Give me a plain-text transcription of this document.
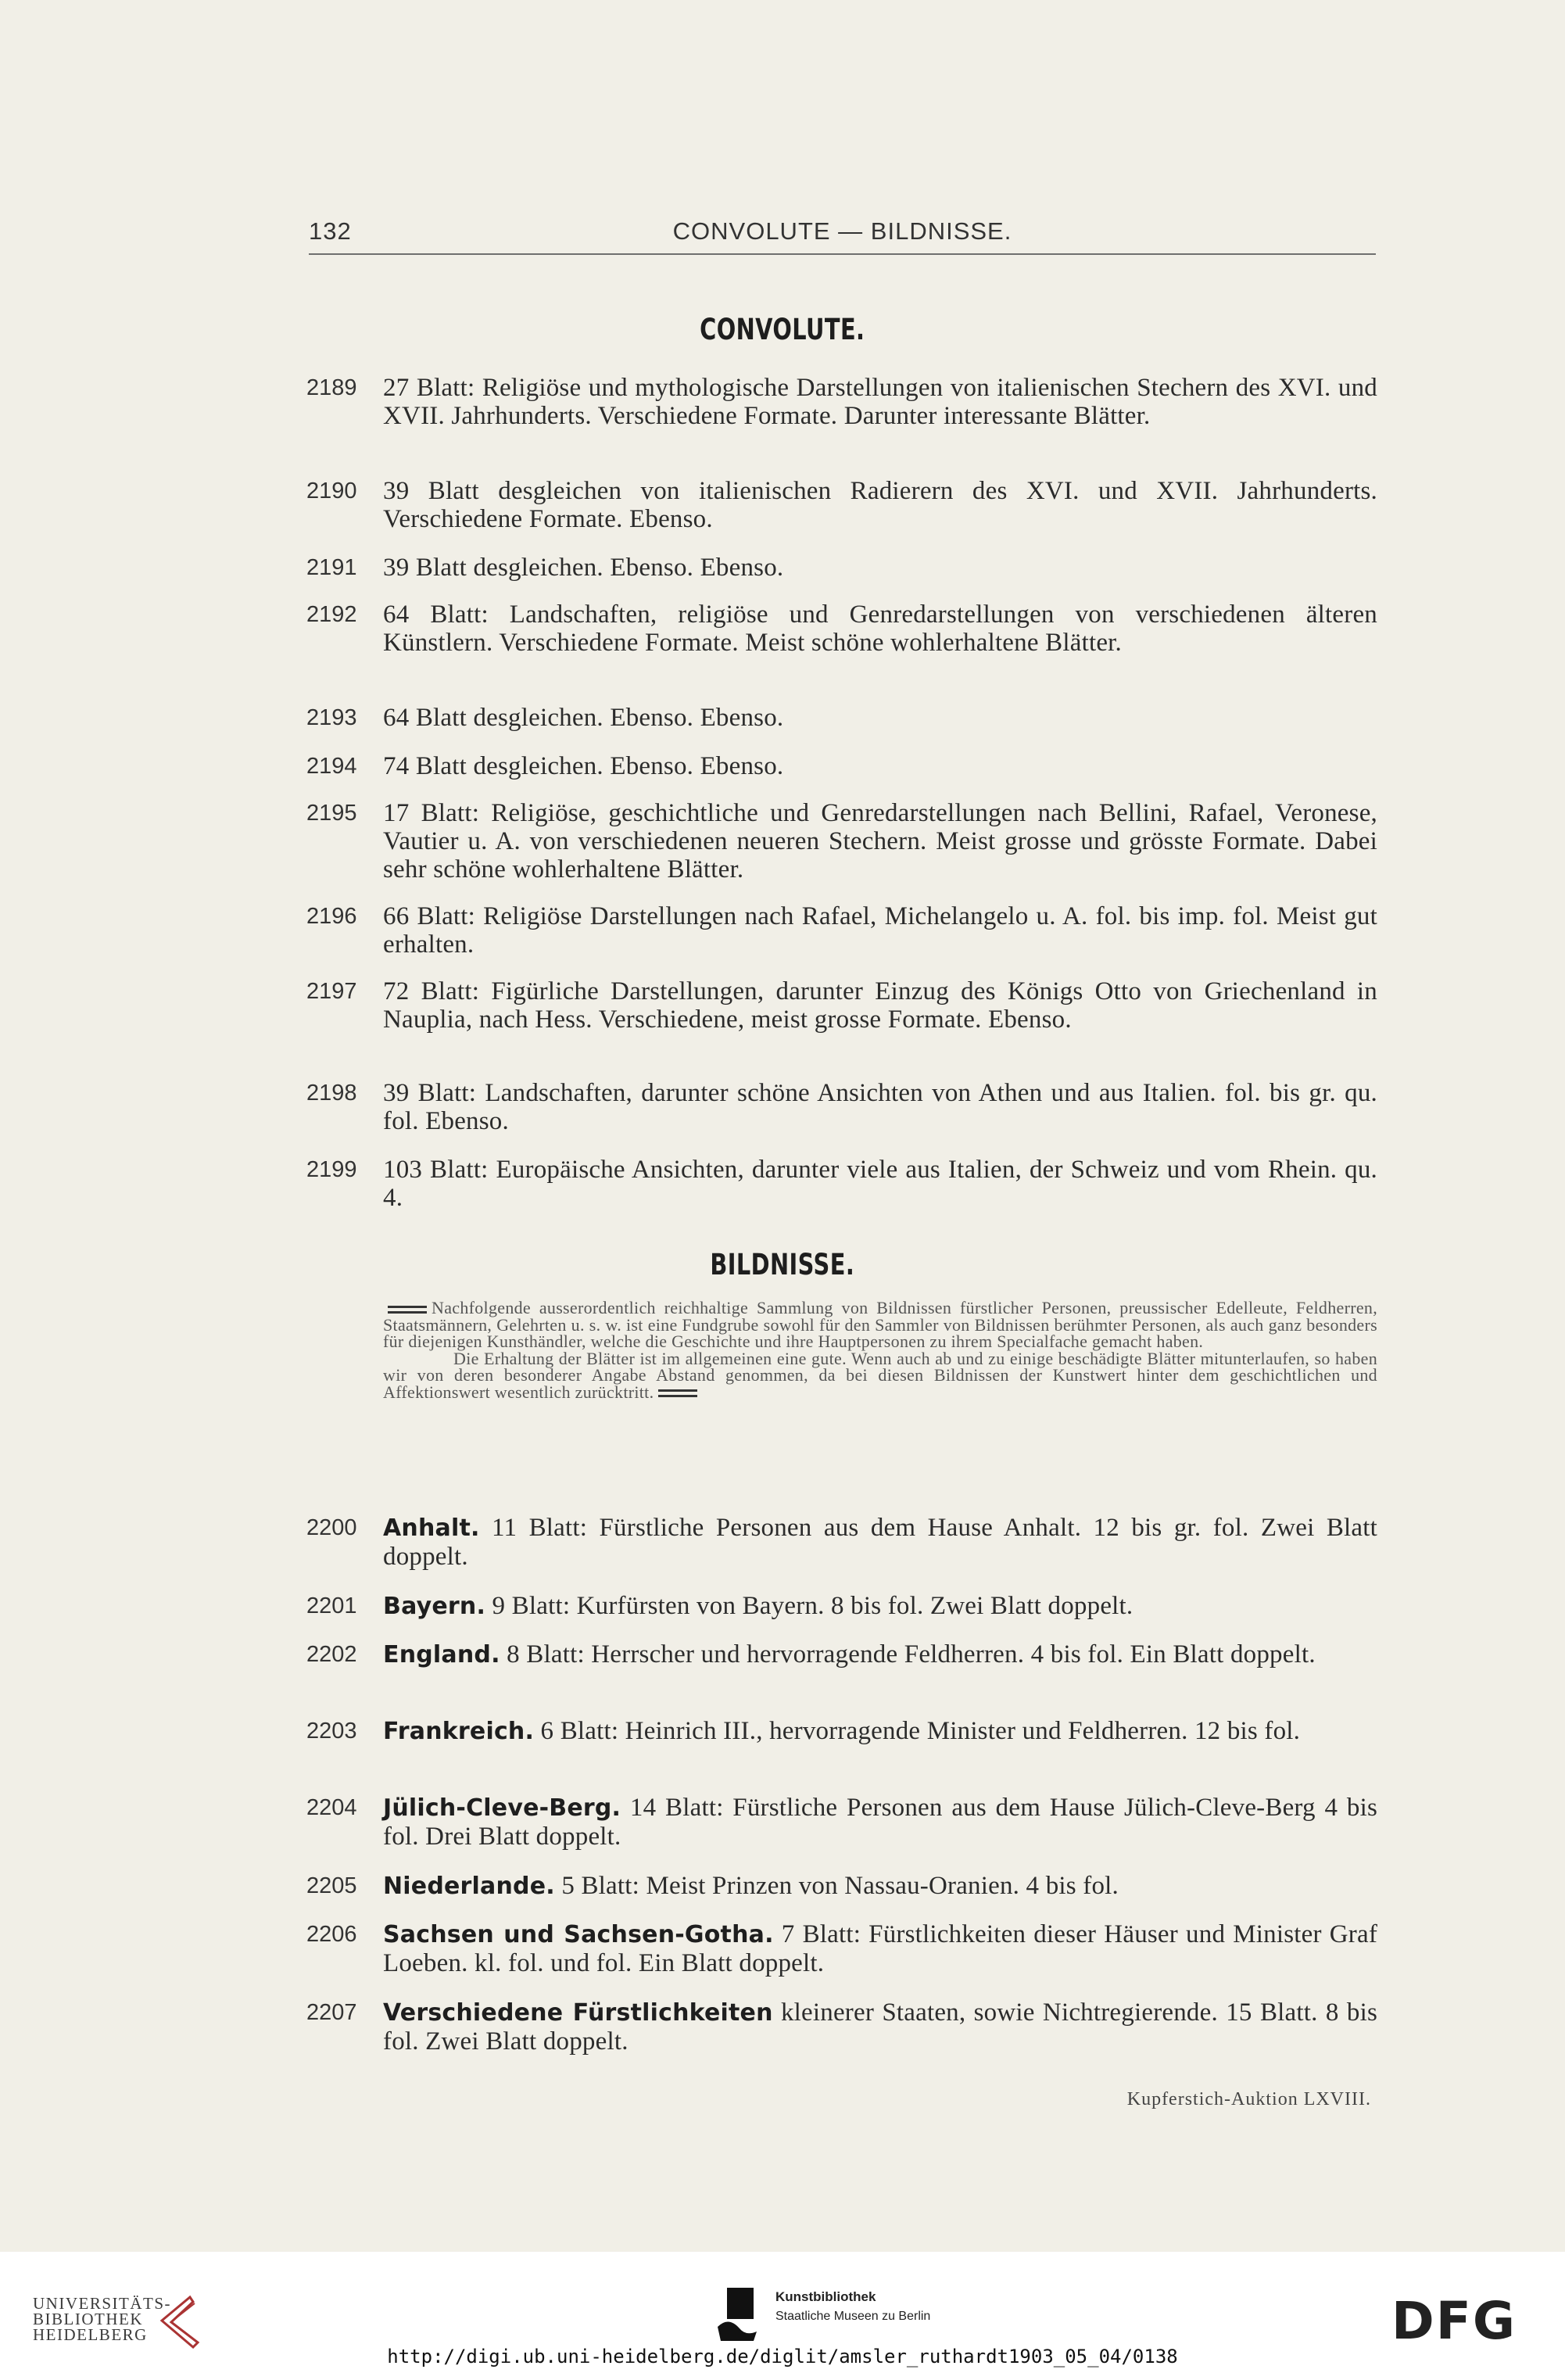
132	CONVOLUTE — BILDNISSE.
CONVOLUTE.
2189 27 Blatt: Religiöse und mythologische Darstellungen von italienischen Stechern des XVI. und XVII. Jahrhunderts. Verschiedene Formate. Darunter interessante Blätter.
2190 39 Blatt desgleichen von italienischen Radierern des XVI. und XVII. Jahrhunderts. Verschiedene Formate. Ebenso.
2191 39 Blatt desgleichen. Ebenso. Ebenso.
2192 64 Blatt: Landschaften, religiöse und Genredarstellungen von verschiedenen älteren Künstlern. Verschiedene Formate. Meist schöne wohlerhaltene Blätter.
2193 64 Blatt desgleichen. Ebenso. Ebenso.
2194 74 Blatt desgleichen. Ebenso. Ebenso.
2195 17 Blatt: Religiöse, geschichtliche und Genredarstellungen nach Bellini, Rafael, Veronese, Vautier u. A. von verschiedenen neueren Stechern. Meist grosse und grösste Formate. Dabei sehr schöne wohlerhaltene Blätter.
2196 66 Blatt: Religiöse Darstellungen nach Rafael, Michelangelo u. A. fol. bis imp. fol. Meist gut erhalten.
2197 72 Blatt: Figürliche Darstellungen, darunter Einzug des Königs Otto von Griechenland in Nauplia, nach Hess. Verschiedene, meist grosse Formate. Ebenso.
2198 39 Blatt: Landschaften, darunter schöne Ansichten von Athen und aus Italien. fol. bis gr. qu. fol. Ebenso.
2199 103 Blatt: Europäische Ansichten, darunter viele aus Italien, der Schweiz und vom Rhein. qu. 4.
BILDNISSE.

Nachfolgende ausserordentlich reichhaltige Sammlung von Bildnissen fürstlicher Personen, preussischer Edelleute, Feldherren, Staatsmännern, Gelehrten u. s. w. ist eine Fundgrube sowohl für den Sammler von Bildnissen berühmter Personen, als auch ganz besonders für diejenigen Kunsthändler, welche die Geschichte und ihre Hauptpersonen zu ihrem Specialfache gemacht haben.

Die Erhaltung der Blätter ist im allgemeinen eine gute. Wenn auch ab und zu einige beschädigte Blätter mitunterlaufen, so haben wir von deren besonderer Angabe Abstand genommen, da bei diesen Bildnissen der Kunstwert hinter dem geschichtlichen und Affektionswert wesentlich zurücktritt.

2200 Anhalt. 11 Blatt: Fürstliche Personen aus dem Hause Anhalt. 12 bis gr. fol. Zwei Blatt doppelt.
2201 Bayern. 9 Blatt: Kurfürsten von Bayern. 8 bis fol. Zwei Blatt doppelt.
2202 England. 8 Blatt: Herrscher und hervorragende Feldherren. 4 bis fol. Ein Blatt doppelt.
2203 Frankreich. 6 Blatt: Heinrich III., hervorragende Minister und Feldherren. 12 bis fol.
2204 Jülich-Cleve-Berg. 14 Blatt: Fürstliche Personen aus dem Hause Jülich-Cleve-Berg 4 bis fol. Drei Blatt doppelt.
2205 Niederlande. 5 Blatt: Meist Prinzen von Nassau-Oranien. 4 bis fol.
2206 Sachsen und Sachsen-Gotha. 7 Blatt: Fürstlichkeiten dieser Häuser und Minister Graf Loeben. kl. fol. und fol. Ein Blatt doppelt.
2207 Verschiedene Fürstlichkeiten kleinerer Staaten, sowie Nichtregierende. 15 Blatt. 8 bis fol. Zwei Blatt doppelt.
Kupferstich-Auktion LXVIII.
UNIVERSITÄTS-
BIBLIOTHEK
HEIDELBERG
Kunstbibliothek
Staatliche Museen zu Berlin	DFG
http://digi.ub.uni-heidelberg.de/diglit/amsler_ruthardt1903_05_04/0138
